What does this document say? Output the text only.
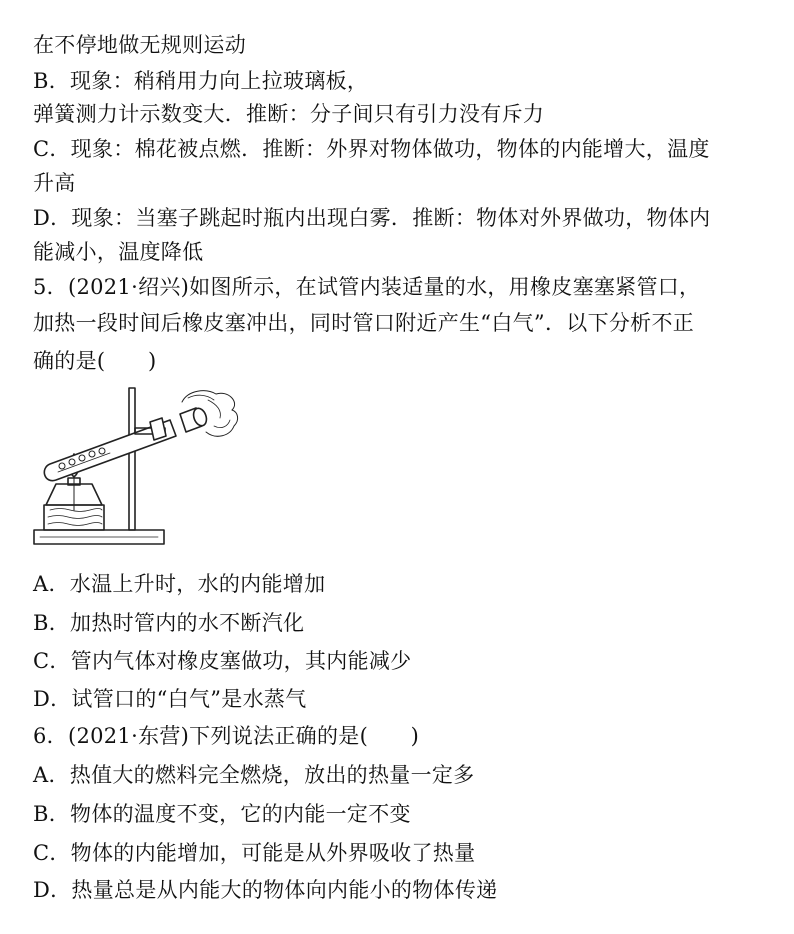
在不停地做无规则运动
B．现象：稍稍用力向上拉玻璃板，
弹簧测力计示数变大．推断：分子间只有引力没有斥力
C．现象：棉花被点燃．推断：外界对物体做功，物体的内能增大，温度
升高
D．现象：当塞子跳起时瓶内出现白雾．推断：物体对外界做功，物体内
能减小，温度降低
5．(2021·绍兴)如图所示，在试管内装适量的水，用橡皮塞塞紧管口，
加热一段时间后橡皮塞冲出，同时管口附近产生“白气”．以下分析不正
确的是(　　)
A．水温上升时，水的内能增加
B．加热时管内的水不断汽化
C．管内气体对橡皮塞做功，其内能减少
D．试管口的“白气”是水蒸气
6．(2021·东营)下列说法正确的是(　　)
A．热值大的燃料完全燃烧，放出的热量一定多
B．物体的温度不变，它的内能一定不变
C．物体的内能增加，可能是从外界吸收了热量
D．热量总是从内能大的物体向内能小的物体传递
